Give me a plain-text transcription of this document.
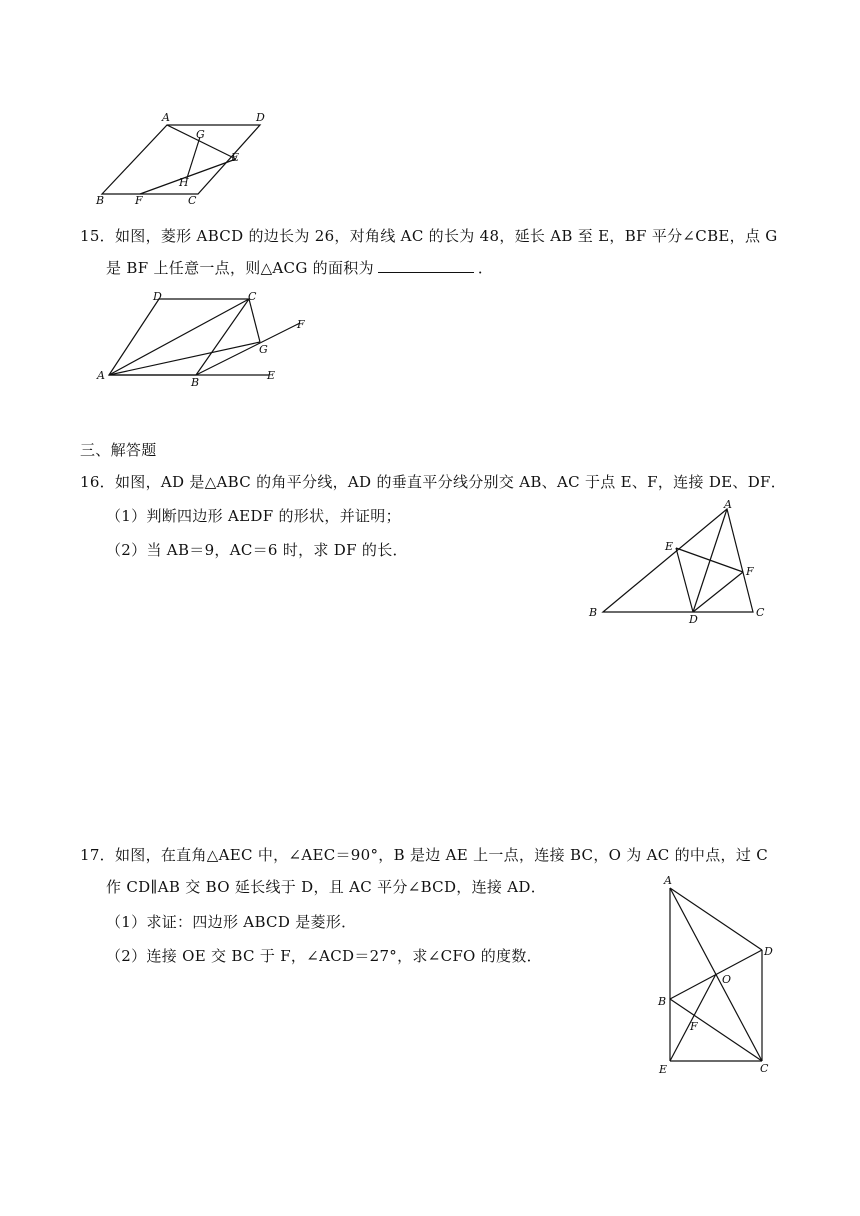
A	D
G
E
H
B	F	C
15．如图，菱形 ABCD 的边长为 26，对角线 AC 的长为 48，延长 AB 至 E，BF 平分∠CBE，点 G
是 BF 上任意一点，则△ACG 的面积为	．
D	C
F
G
A
B
E
三、解答题
16．如图，AD 是△ABC 的角平分线，AD 的垂直平分线分别交 AB、AC 于点 E、F，连接 DE、DF．
（1）判断四边形 AEDF 的形状，并证明；
（2）当 AB＝9，AC＝6 时，求 DF 的长．
A
E
F
B
D
C
17．如图，在直角△AEC 中，∠AEC＝90°，B 是边 AE 上一点，连接 BC，O 为 AC 的中点，过 C
作 CD∥AB 交 BO 延长线于 D，且 AC 平分∠BCD，连接 AD．
（1）求证：四边形 ABCD 是菱形．
（2）连接 OE 交 BC 于 F，∠ACD＝27°，求∠CFO 的度数．
A
D
O
B
F
E	C
